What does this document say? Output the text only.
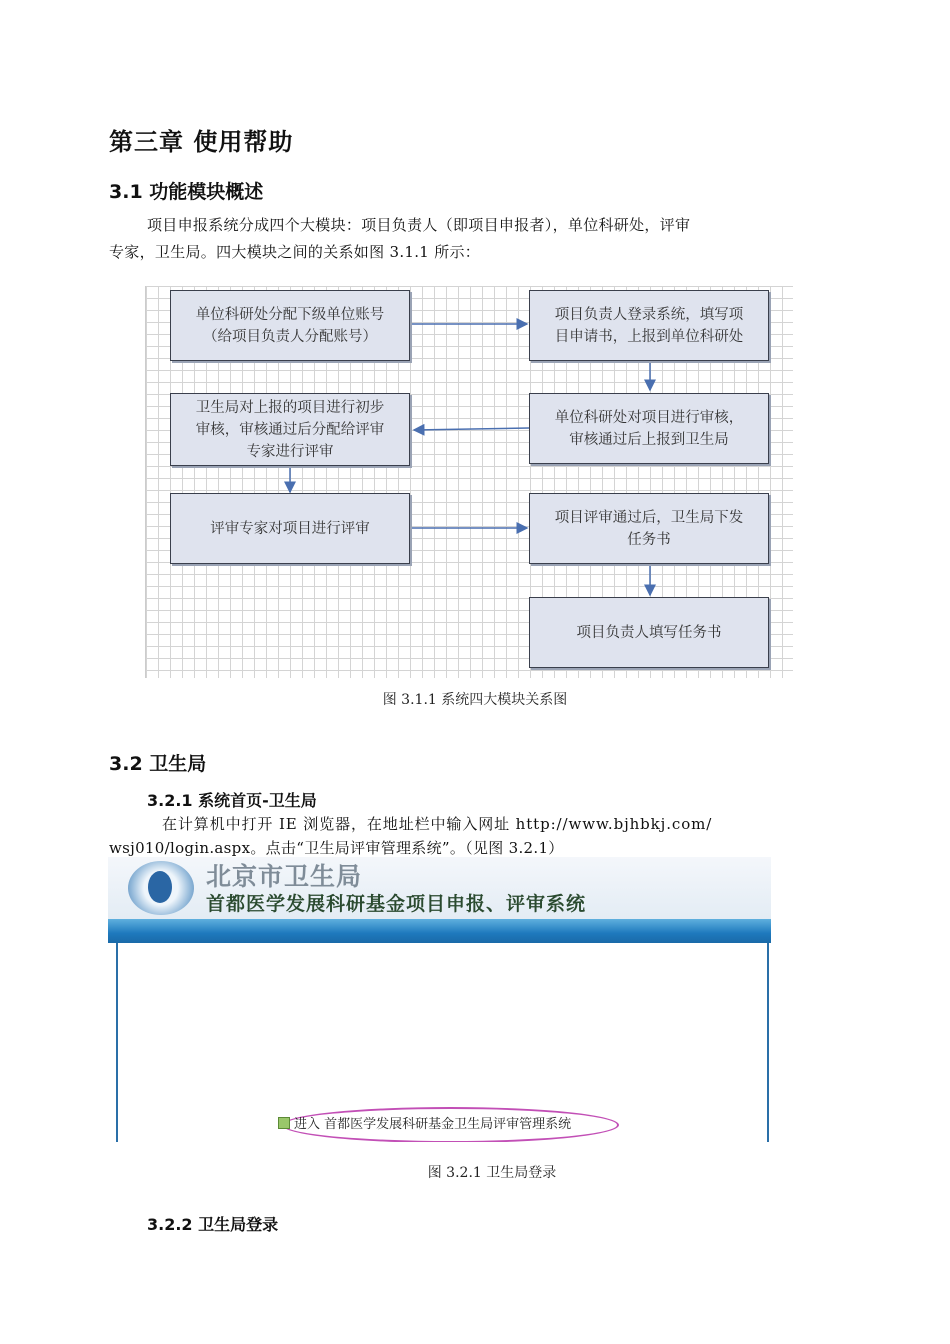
第三章 使用帮助
3.1 功能模块概述
项目申报系统分成四个大模块：项目负责人（即项目申报者），单位科研处，评审
专家，卫生局。四大模块之间的关系如图 3.1.1 所示：
单位科研处分配下级单位账号
（给项目负责人分配账号）
项目负责人登录系统，填写项
目申请书，上报到单位科研处
卫生局对上报的项目进行初步
审核，审核通过后分配给评审
专家进行评审
单位科研处对项目进行审核，
审核通过后上报到卫生局
评审专家对项目进行评审
项目评审通过后，卫生局下发
任务书
项目负责人填写任务书
图 3.1.1 系统四大模块关系图
3.2 卫生局
3.2.1 系统首页-卫生局
在计算机中打开 IE 浏览器，在地址栏中输入网址 http://www.bjhbkj.com/
wsj010/login.aspx。点击“卫生局评审管理系统”。（见图 3.2.1）
北京市卫生局
首都医学发展科研基金项目申报、评审系统
进入 首都医学发展科研基金卫生局评审管理系统
图 3.2.1 卫生局登录
3.2.2 卫生局登录
